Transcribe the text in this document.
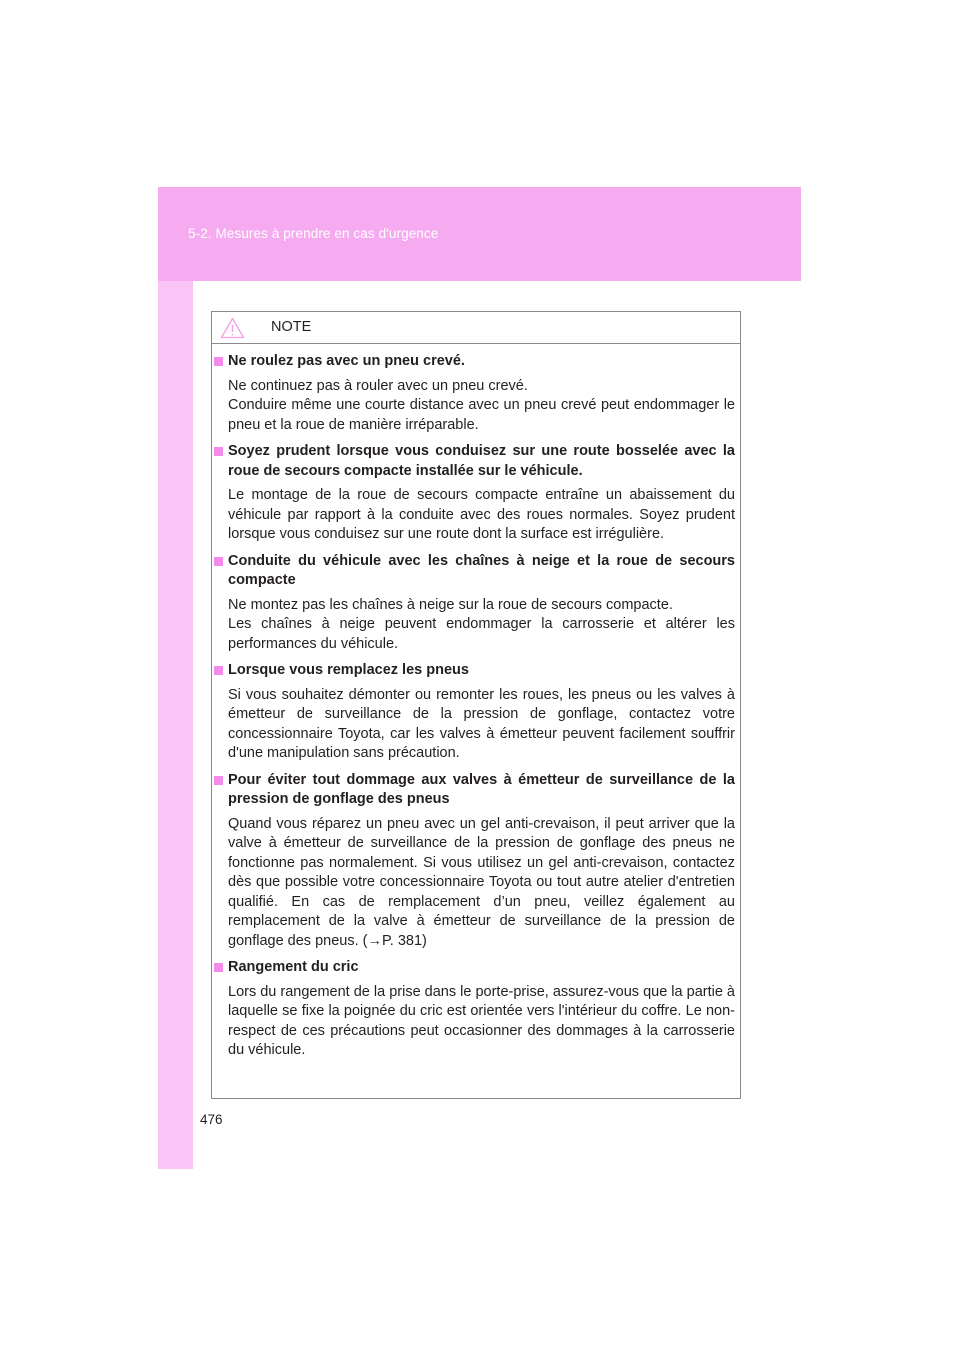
5-2. Mesures à prendre en cas d'urgence
NOTE
Ne roulez pas avec un pneu crevé.

Ne continuez pas à rouler avec un pneu crevé.

Conduire même une courte distance avec un pneu crevé peut endommager le pneu et la roue de manière irréparable.

Soyez prudent lorsque vous conduisez sur une route bosselée avec la roue de secours compacte installée sur le véhicule.

Le montage de la roue de secours compacte entraîne un abaissement du véhicule par rapport à la conduite avec des roues normales. Soyez prudent lorsque vous conduisez sur une route dont la surface est irrégulière.

Conduite du véhicule avec les chaînes à neige et la roue de secours compacte

Ne montez pas les chaînes à neige sur la roue de secours compacte.

Les chaînes à neige peuvent endommager la carrosserie et altérer les performances du véhicule.

Lorsque vous remplacez les pneus

Si vous souhaitez démonter ou remonter les roues, les pneus ou les valves à émetteur de surveillance de la pression de gonflage, contactez votre concessionnaire Toyota, car les valves à émetteur peuvent facilement souffrir d'une manipulation sans précaution.

Pour éviter tout dommage aux valves à émetteur de surveillance de la pression de gonflage des pneus

Quand vous réparez un pneu avec un gel anti-crevaison, il peut arriver que la valve à émetteur de surveillance de la pression de gonflage des pneus ne fonctionne pas normalement. Si vous utilisez un gel anti-crevaison, contactez dès que possible votre concessionnaire Toyota ou tout autre atelier d'entretien qualifié. En cas de remplacement d’un pneu, veillez également au remplacement de la valve à émetteur de surveillance de la pression de gonflage des pneus. (→P. 381)

Rangement du cric

Lors du rangement de la prise dans le porte-prise, assurez-vous que la partie à laquelle se fixe la poignée du cric est orientée vers l'intérieur du coffre. Le non-respect de ces précautions peut occasionner des dommages à la carrosserie du véhicule.

476
